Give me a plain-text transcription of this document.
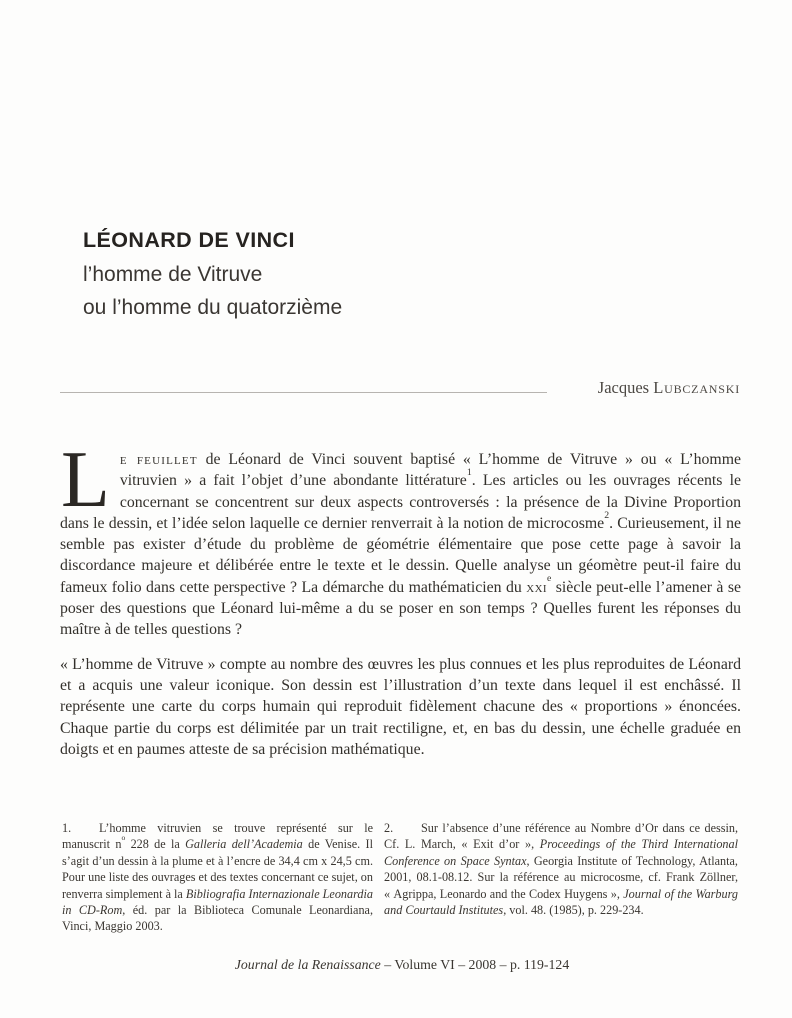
LÉONARD DE VINCI
l’homme de Vitruve
ou l’homme du quatorzième
Jacques Lubczanski

Le feuillet de Léonard de Vinci souvent baptisé « L’homme de Vitruve » ou « L’homme vitruvien » a fait l’objet d’une abondante littérature$^1$. Les articles ou les ouvrages récents le concernant se concentrent sur deux aspects controversés : la présence de la Divine Proportion dans le dessin, et l’idée selon laquelle ce dernier renverrait à la notion de microcosme$^2$. Curieusement, il ne semble pas exister d’étude du problème de géométrie élémentaire que pose cette page à savoir la discordance majeure et délibérée entre le texte et le dessin. Quelle analyse un géomètre peut-il faire du fameux folio dans cette perspective ? La démarche du mathématicien du xxi$^e$ siècle peut-elle l’amener à se poser des questions que Léonard lui-même a du se poser en son temps ? Quelles furent les réponses du maître à de telles questions ?

« L’homme de Vitruve » compte au nombre des œuvres les plus connues et les plus reproduites de Léonard et a acquis une valeur iconique. Son dessin est l’illustration d’un texte dans lequel il est enchâssé. Il représente une carte du corps humain qui reproduit fidèlement chacune des « proportions » énoncées. Chaque partie du corps est délimitée par un trait rectiligne, et, en bas du dessin, une échelle graduée en doigts et en paumes atteste de sa précision mathématique.

1. L’homme vitruvien se trouve représenté sur le manuscrit n$^o$ 228 de la Galleria dell’Academia de Venise. Il s’agit d’un dessin à la plume et à l’encre de 34,4 cm x 24,5 cm. Pour une liste des ouvrages et des textes concernant ce sujet, on renverra simplement à la Bibliografia Internazionale Leonardia in CD-Rom, éd. par la Biblioteca Comunale Leonardiana, Vinci, Maggio 2003.
2. Sur l’absence d’une référence au Nombre d’Or dans ce dessin, Cf. L. March, « Exit d’or », Proceedings of the Third International Conference on Space Syntax, Georgia Institute of Technology, Atlanta, 2001, 08.1-08.12. Sur la référence au microcosme, cf. Frank Zöllner, « Agrippa, Leonardo and the Codex Huygens », Journal of the Warburg and Courtauld Institutes, vol. 48. (1985), p. 229-234.
Journal de la Renaissance – Volume VI – 2008 – p. 119-124
